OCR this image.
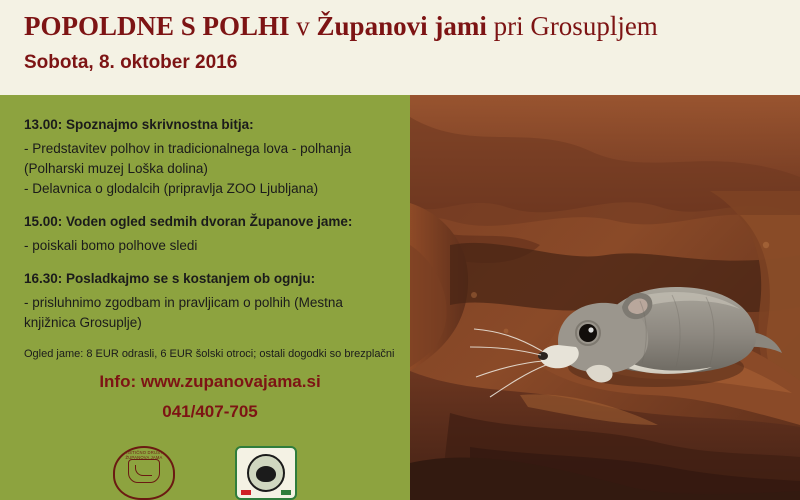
POPOLDNE S POLHI v Županovi jami pri Grosupljem
Sobota, 8. oktober 2016
13.00: Spoznajmo skrivnostna bitja:
- Predstavitev polhov in tradicionalnega lova - polhanja (Polharski muzej Loška dolina)
- Delavnica o glodalcih (pripravlja ZOO Ljubljana)
15.00: Voden ogled sedmih dvoran Županove jame:
- poiskali bomo polhove sledi
16.30: Posladkajmo se s kostanjem ob ognju:
- prisluhnimo zgodbam in pravljicam o polhih (Mestna knjižnica Grosuplje)
Ogled jame: 8 EUR odrasli, 6 EUR šolski otroci; ostali dogodki so brezplačni
Info: www.zupanovajama.si
041/407-705
TURISTIČNO DRUŠTVO ŽUPANOVA JAMA
